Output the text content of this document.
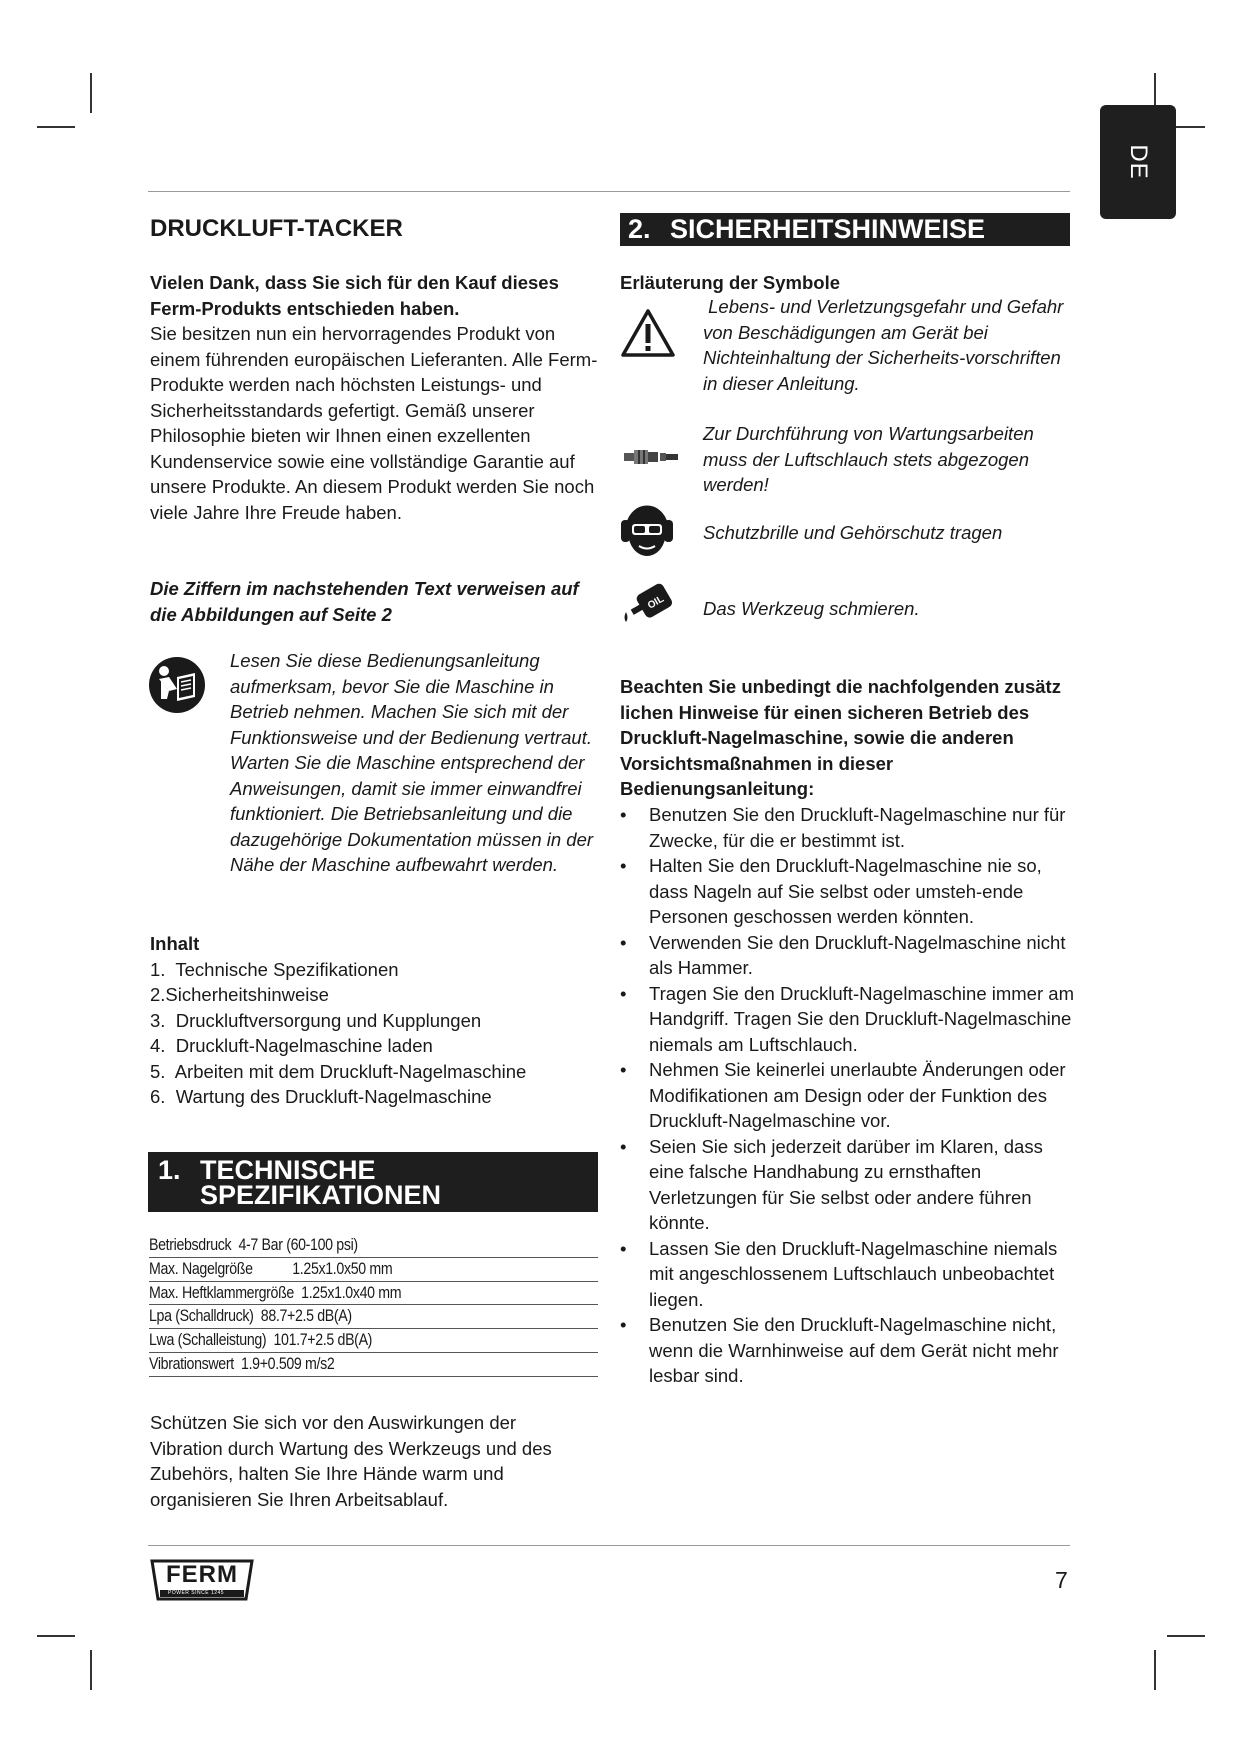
DE
DRUCKLUFT-TACKER

Vielen Dank, dass Sie sich für den Kauf dieses Ferm-Produkts entschieden haben.

Sie besitzen nun ein hervorragendes Produkt von einem führenden europäischen Lieferanten. Alle Ferm-Produkte werden nach höchsten Leistungs- und Sicherheitsstandards gefertigt. Gemäß unserer Philosophie bieten wir Ihnen einen exzellenten Kundenservice sowie eine vollständige Garantie auf unsere Produkte. An diesem Produkt werden Sie noch viele Jahre Ihre Freude haben.

Die Ziffern im nachstehenden Text verweisen auf die Abbildungen auf Seite 2
Lesen Sie diese Bedienungsanleitung aufmerksam, bevor Sie die Maschine in Betrieb nehmen. Machen Sie sich mit der Funktionsweise und der Bedienung vertraut. Warten Sie die Maschine entsprechend der Anweisungen, damit sie immer einwandfrei funktioniert. Die Betriebsanleitung und die dazugehörige Dokumentation müssen in der Nähe der Maschine aufbewahrt werden.
Inhalt
1.  Technische Spezifikationen
2.Sicherheitshinweise
3.  Druckluftversorgung und Kupplungen
4.  Druckluft-Nagelmaschine laden
5.  Arbeiten mit dem Druckluft-Nagelmaschine
6.  Wartung des Druckluft-Nagelmaschine
1. TECHNISCHE SPEZIFIKATIONEN
Betriebsdruck  4-7 Bar (60-100 psi)
Max. Nagelgröße           1.25x1.0x50 mm
Max. Heftklammergröße  1.25x1.0x40 mm
Lpa (Schalldruck)  88.7+2.5 dB(A)
Lwa (Schalleistung)  101.7+2.5 dB(A)
Vibrationswert  1.9+0.509 m/s2
Schützen Sie sich vor den Auswirkungen der Vibration durch Wartung des Werkzeugs und des Zubehörs, halten Sie Ihre Hände warm und organisieren Sie Ihren Arbeitsablauf.
2. SICHERHEITSHINWEISE
Erläuterung der Symbole
Lebens- und Verletzungsgefahr und Gefahr von Beschädigungen am Gerät bei Nichteinhaltung der Sicherheits-vorschriften in dieser Anleitung.
Zur Durchführung von Wartungsarbeiten muss der Luftschlauch stets abgezogen werden!
Schutzbrille und Gehörschutz tragen
OIL Das Werkzeug schmieren.
Beachten Sie unbedingt die nachfolgenden zusätz lichen Hinweise für einen sicheren Betrieb des Druckluft-Nagelmaschine, sowie die anderen Vorsichtsmaßnahmen in dieser Bedienungsanleitung:
• Benutzen Sie den Druckluft-Nagelmaschine nur für Zwecke, für die er bestimmt ist.
• Halten Sie den Druckluft-Nagelmaschine nie so, dass Nageln auf Sie selbst oder umsteh-ende Personen geschossen werden könnten.
• Verwenden Sie den Druckluft-Nagelmaschine nicht als Hammer.
• Tragen Sie den Druckluft-Nagelmaschine immer am Handgriff. Tragen Sie den Druckluft-Nagelmaschine niemals am Luftschlauch.
• Nehmen Sie keinerlei unerlaubte Änderungen oder Modifikationen am Design oder der Funktion des Druckluft-Nagelmaschine vor.
• Seien Sie sich jederzeit darüber im Klaren, dass eine falsche Handhabung zu ernsthaften Verletzungen für Sie selbst oder andere führen könnte.
• Lassen Sie den Druckluft-Nagelmaschine niemals mit angeschlossenem Luftschlauch unbeobachtet liegen.
• Benutzen Sie den Druckluft-Nagelmaschine nicht, wenn die Warnhinweise auf dem Gerät nicht mehr lesbar sind.
FERM
POWER SINCE 1245	7
